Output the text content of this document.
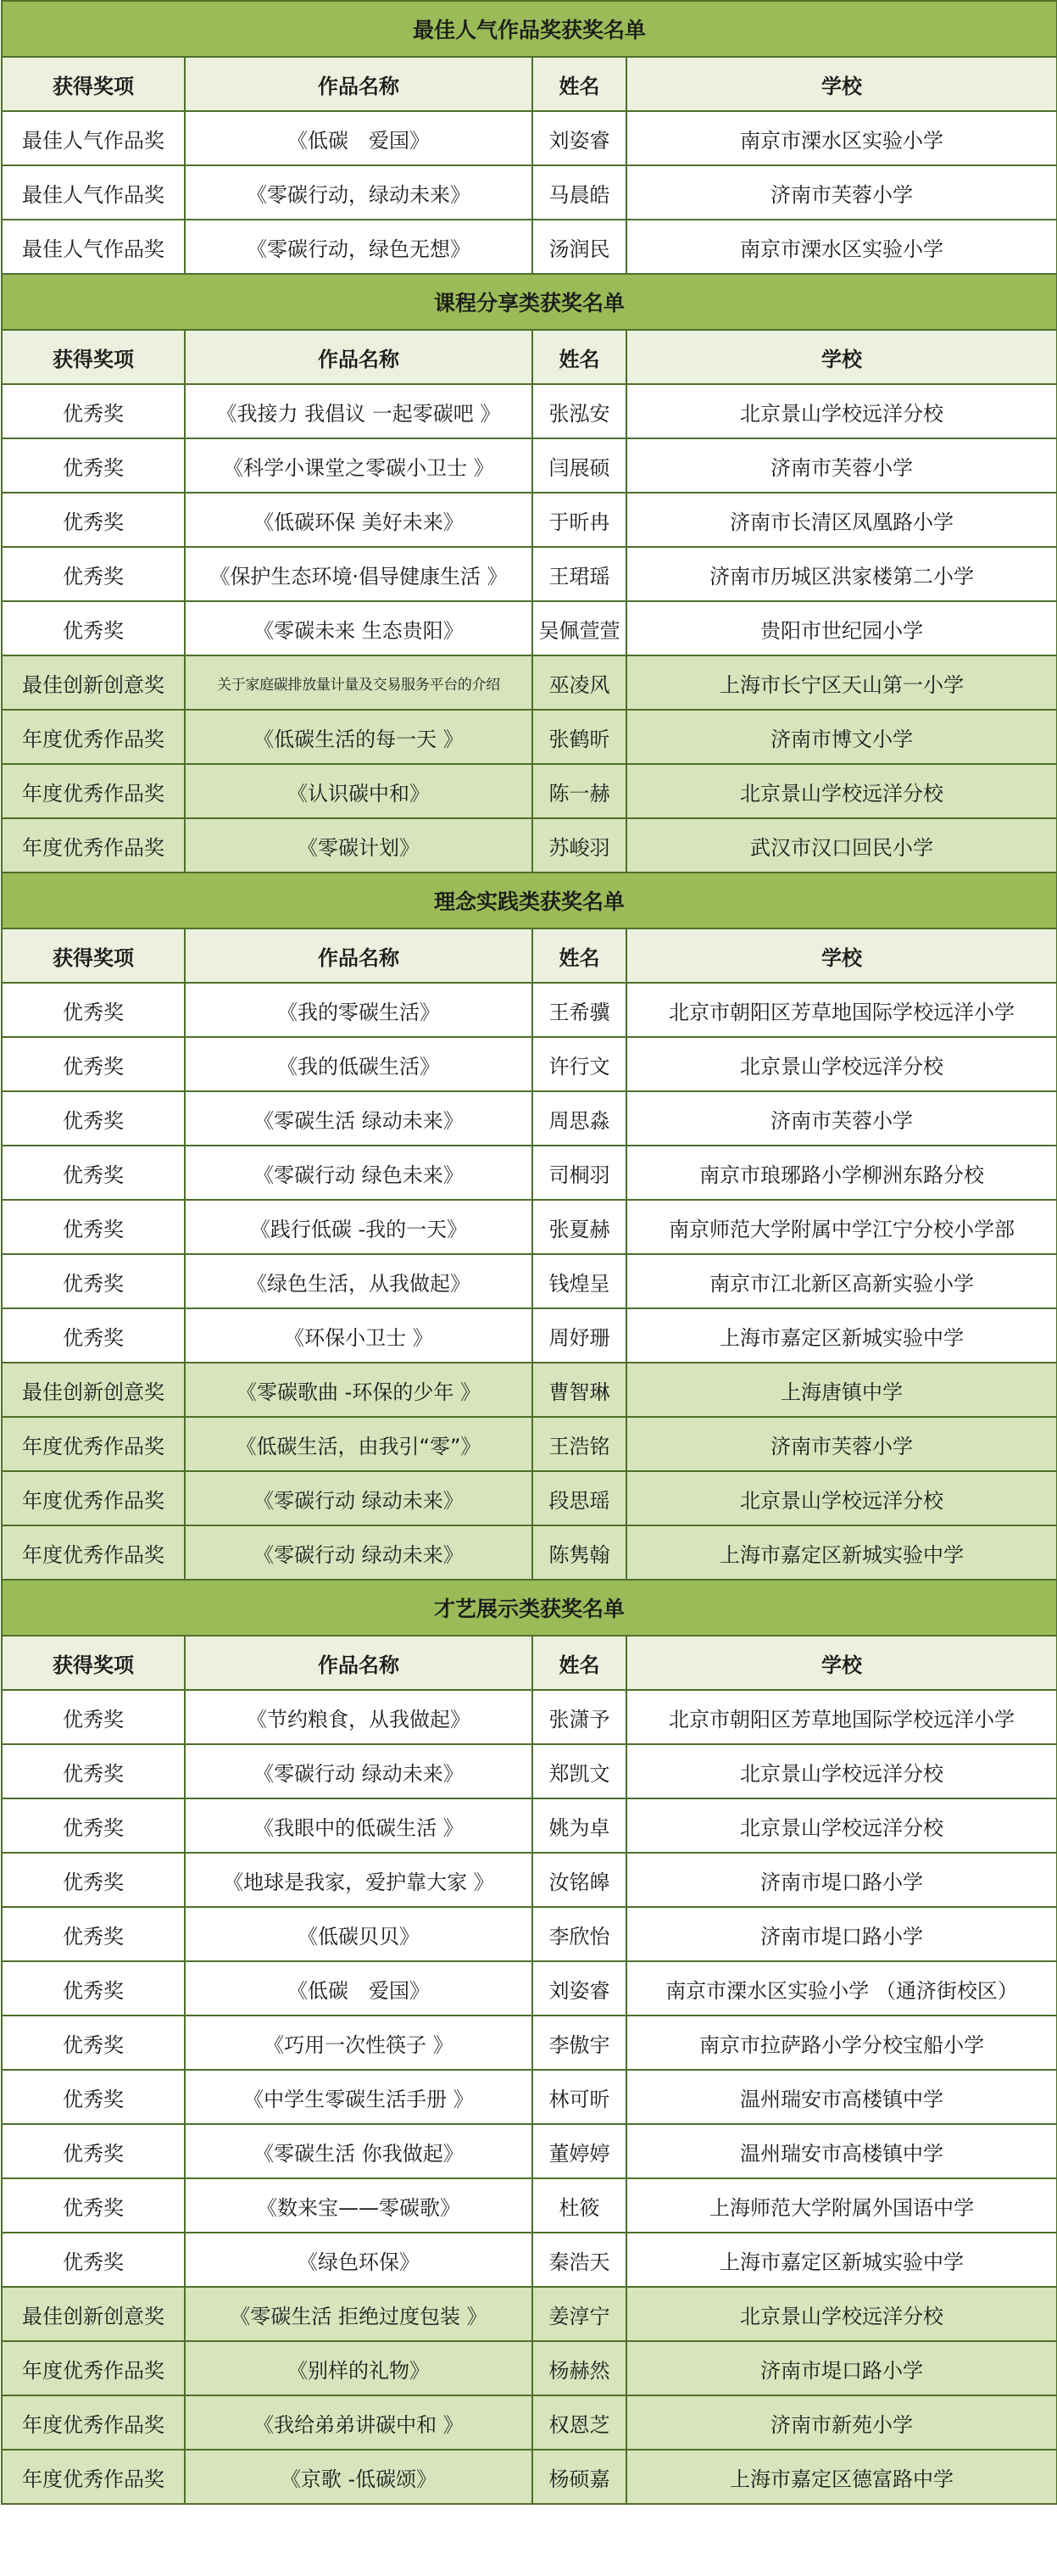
最佳人气作品奖获奖名单			
获得奖项	作品名称	姓名	学校
最佳人气作品奖	《低碳　爱国》	刘姿睿	南京市溧水区实验小学
最佳人气作品奖	《零碳行动，绿动未来》	马晨皓	济南市芙蓉小学
最佳人气作品奖	《零碳行动，绿色无想》	汤润民	南京市溧水区实验小学
课程分享类获奖名单			
获得奖项	作品名称	姓名	学校
优秀奖	《我接力 我倡议 一起零碳吧 》	张泓安	北京景山学校远洋分校
优秀奖	《科学小课堂之零碳小卫士 》	闫展硕	济南市芙蓉小学
优秀奖	《低碳环保 美好未来》	于昕冉	济南市长清区凤凰路小学
优秀奖	《保护生态环境·倡导健康生活 》	王珺瑶	济南市历城区洪家楼第二小学
优秀奖	《零碳未来 生态贵阳》	吴佩萱萱	贵阳市世纪园小学
最佳创新创意奖	关于家庭碳排放量计量及交易服务平台的介绍	巫凌风	上海市长宁区天山第一小学
年度优秀作品奖	《低碳生活的每一天 》	张鹤昕	济南市博文小学
年度优秀作品奖	《认识碳中和》	陈一赫	北京景山学校远洋分校
年度优秀作品奖	《零碳计划》	苏峻羽	武汉市汉口回民小学
理念实践类获奖名单			
获得奖项	作品名称	姓名	学校
优秀奖	《我的零碳生活》	王希骥	北京市朝阳区芳草地国际学校远洋小学
优秀奖	《我的低碳生活》	许行文	北京景山学校远洋分校
优秀奖	《零碳生活 绿动未来》	周思淼	济南市芙蓉小学
优秀奖	《零碳行动 绿色未来》	司桐羽	南京市琅琊路小学柳洲东路分校
优秀奖	《践行低碳 -我的一天》	张夏赫	南京师范大学附属中学江宁分校小学部
优秀奖	《绿色生活，从我做起》	钱煌呈	南京市江北新区高新实验小学
优秀奖	《环保小卫士 》	周妤珊	上海市嘉定区新城实验中学
最佳创新创意奖	《零碳歌曲 -环保的少年 》	曹智琳	上海唐镇中学
年度优秀作品奖	《低碳生活，由我引“零”》	王浩铭	济南市芙蓉小学
年度优秀作品奖	《零碳行动 绿动未来》	段思瑶	北京景山学校远洋分校
年度优秀作品奖	《零碳行动 绿动未来》	陈隽翰	上海市嘉定区新城实验中学
才艺展示类获奖名单			
获得奖项	作品名称	姓名	学校
优秀奖	《节约粮食，从我做起》	张潇予	北京市朝阳区芳草地国际学校远洋小学
优秀奖	《零碳行动 绿动未来》	郑凯文	北京景山学校远洋分校
优秀奖	《我眼中的低碳生活 》	姚为卓	北京景山学校远洋分校
优秀奖	《地球是我家，爱护靠大家 》	汝铭皞	济南市堤口路小学
优秀奖	《低碳贝贝》	李欣怡	济南市堤口路小学
优秀奖	《低碳　爱国》	刘姿睿	南京市溧水区实验小学 （通济街校区）
优秀奖	《巧用一次性筷子 》	李傲宇	南京市拉萨路小学分校宝船小学
优秀奖	《中学生零碳生活手册 》	林可昕	温州瑞安市高楼镇中学
优秀奖	《零碳生活 你我做起》	董婷婷	温州瑞安市高楼镇中学
优秀奖	《数来宝——零碳歌》	杜筱	上海师范大学附属外国语中学
优秀奖	《绿色环保》	秦浩天	上海市嘉定区新城实验中学
最佳创新创意奖	《零碳生活 拒绝过度包装 》	姜淳宁	北京景山学校远洋分校
年度优秀作品奖	《别样的礼物》	杨赫然	济南市堤口路小学
年度优秀作品奖	《我给弟弟讲碳中和 》	权恩芝	济南市新苑小学
年度优秀作品奖	《京歌 -低碳颂》	杨硕嘉	上海市嘉定区德富路中学
